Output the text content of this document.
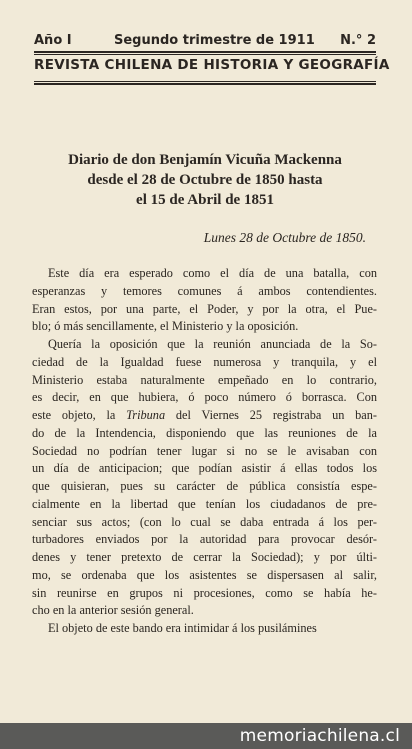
Año I	Segundo trimestre de 1911 N.° 2
REVISTA CHILENA DE HISTORIA Y GEOGRAFÍA
Diario de don Benjamín Vicuña Mackenna
desde el 28 de Octubre de 1850 hasta
el 15 de Abril de 1851
Lunes 28 de Octubre de 1850.
Este día era esperado como el día de una batalla, con
esperanzas y temores comunes á ambos contendientes.
Eran estos, por una parte, el Poder, y por la otra, el Pue-
blo; ó más sencillamente, el Ministerio y la oposición.
Quería la oposición que la reunión anunciada de la So-
ciedad de la Igualdad fuese numerosa y tranquila, y el
Ministerio estaba naturalmente empeñado en lo contrario,
es decir, en que hubiera, ó poco número ó borrasca. Con
este objeto, la Tribuna del Viernes 25 registraba un ban-
do de la Intendencia, disponiendo que las reuniones de la
Sociedad no podrían tener lugar si no se le avisaban con
un día de anticipacion; que podían asistir á ellas todos los
que quisieran, pues su carácter de pública consistía espe-
cialmente en la libertad que tenían los ciudadanos de pre-
senciar sus actos; (con lo cual se daba entrada á los per-
turbadores enviados por la autoridad para provocar desór-
denes y tener pretexto de cerrar la Sociedad); y por últi-
mo, se ordenaba que los asistentes se dispersasen al salir,
sin reunirse en grupos ni procesiones, como se había he-
cho en la anterior sesión general.
El objeto de este bando era intimidar á los pusilámines
memoriachilena.cl
